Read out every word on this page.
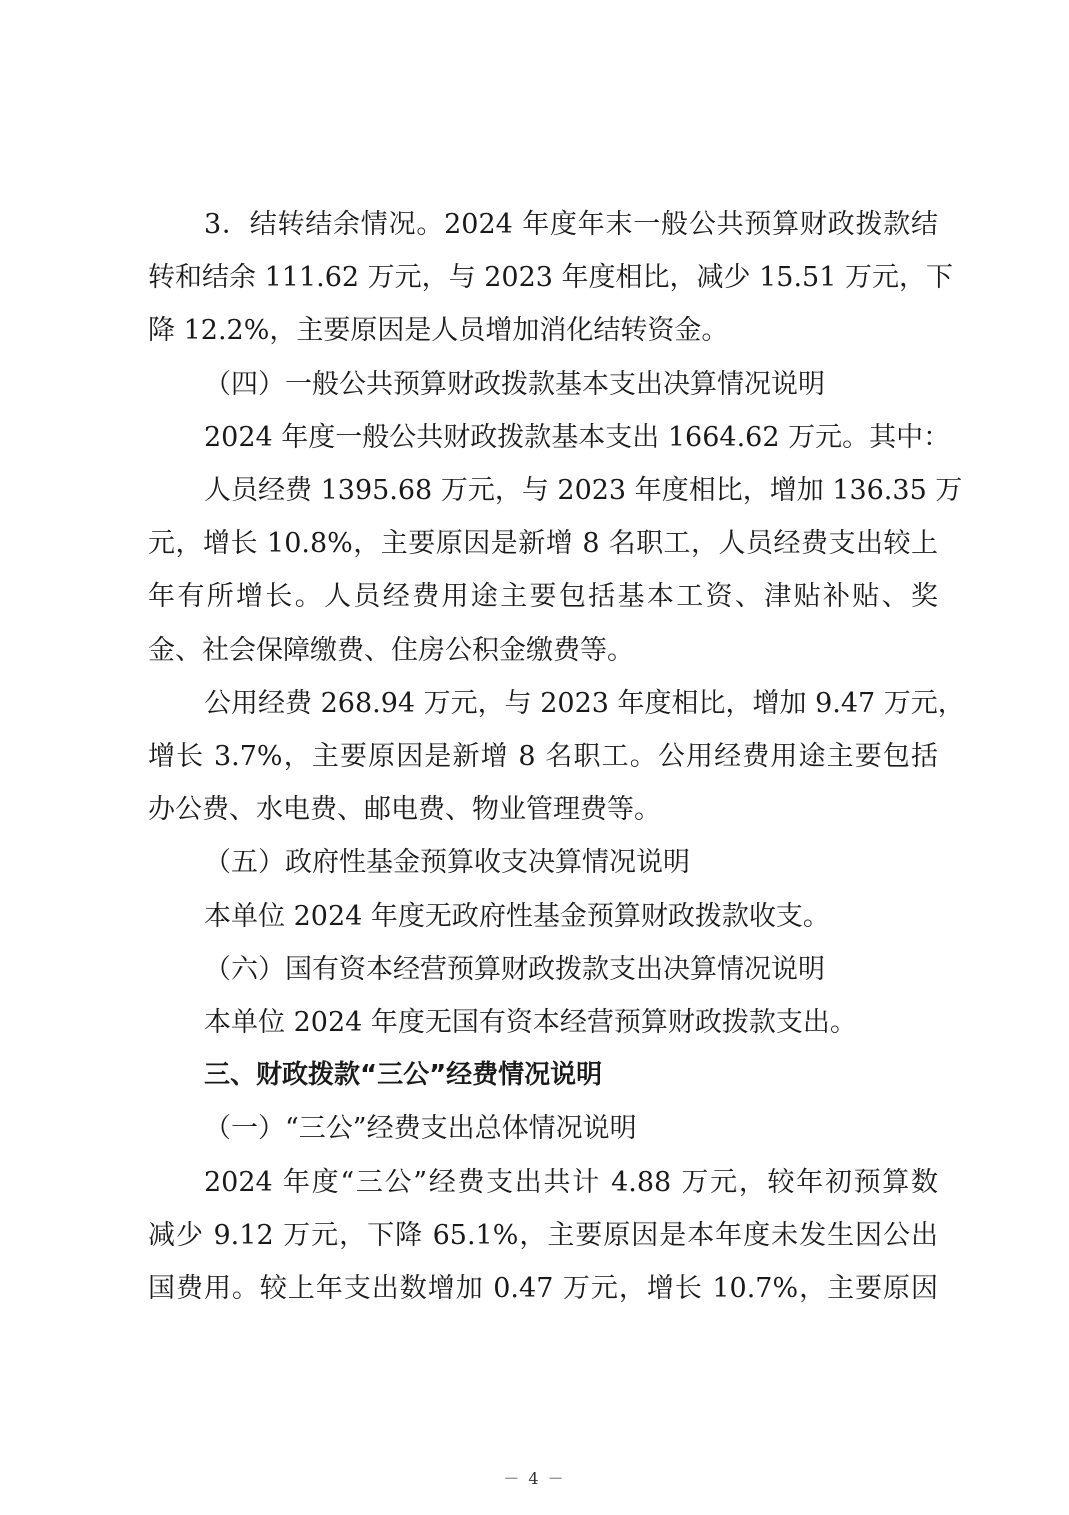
3．结转结余情况。2024 年度年末一般公共预算财政拨款结

转和结余 111.62 万元，与 2023 年度相比，减少 15.51 万元，下

降 12.2%，主要原因是人员增加消化结转资金。

（四）一般公共预算财政拨款基本支出决算情况说明

2024 年度一般公共财政拨款基本支出 1664.62 万元。其中：

人员经费 1395.68 万元，与 2023 年度相比，增加 136.35 万

元，增长 10.8%，主要原因是新增 8 名职工，人员经费支出较上

年有所增长。人员经费用途主要包括基本工资、津贴补贴、奖

金、社会保障缴费、住房公积金缴费等。

公用经费 268.94 万元，与 2023 年度相比，增加 9.47 万元，

增长 3.7%，主要原因是新增 8 名职工。公用经费用途主要包括

办公费、水电费、邮电费、物业管理费等。

（五）政府性基金预算收支决算情况说明

本单位 2024 年度无政府性基金预算财政拨款收支。

（六）国有资本经营预算财政拨款支出决算情况说明

本单位 2024 年度无国有资本经营预算财政拨款支出。

三、财政拨款“三公”经费情况说明

（一）“三公”经费支出总体情况说明

2024 年度“三公”经费支出共计 4.88 万元，较年初预算数

减少 9.12 万元，下降 65.1%，主要原因是本年度未发生因公出

国费用。较上年支出数增加 0.47 万元，增长 10.7%，主要原因

－ 4 －
